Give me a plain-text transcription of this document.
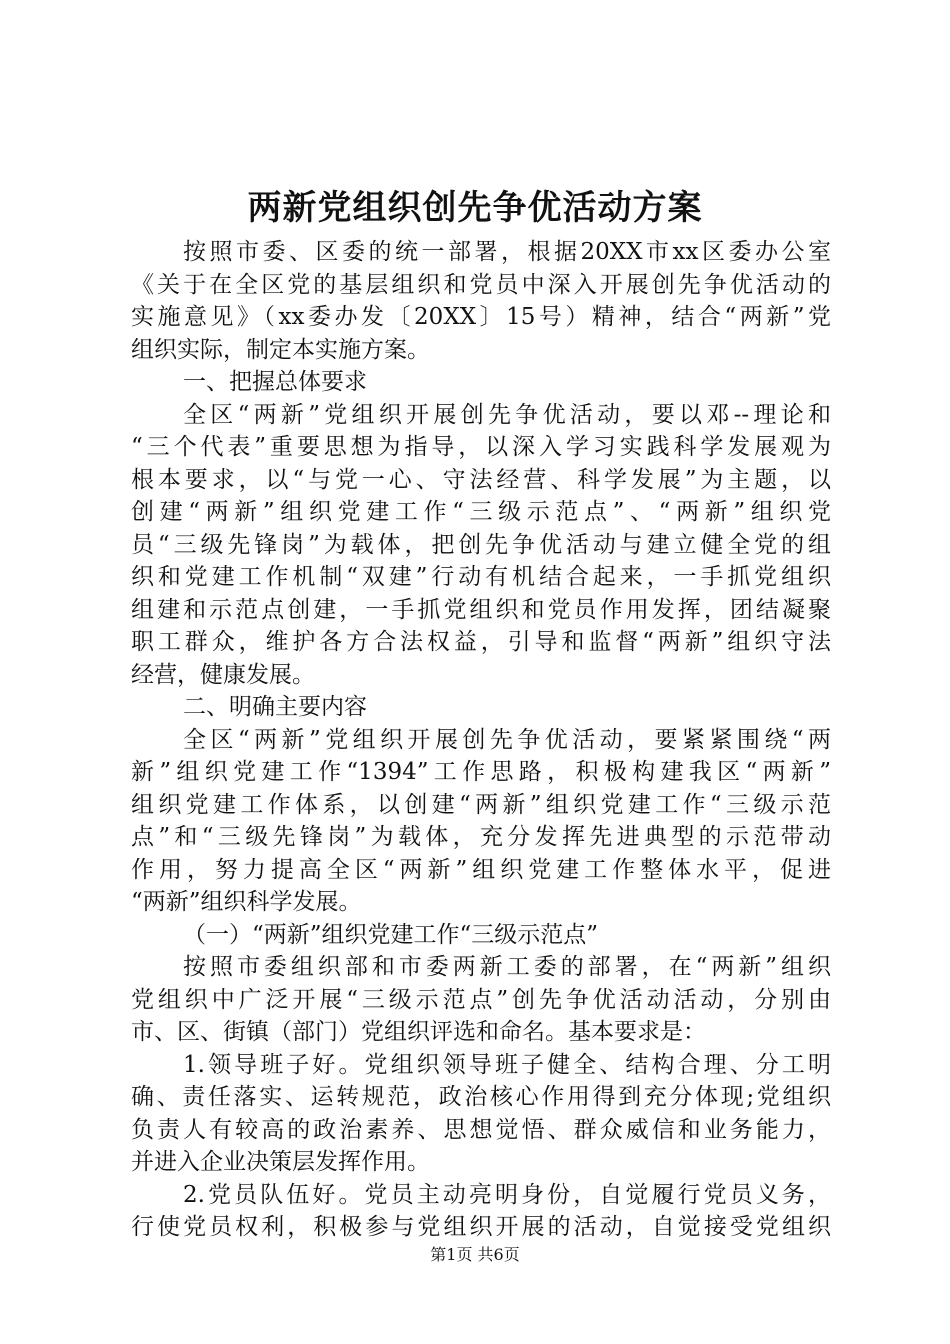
两新党组织创先争优活动方案
按照市委、区委的统一部署，根据20XX市xx区委办公室
《关于在全区党的基层组织和党员中深入开展创先争优活动的
实施意见》（xx委办发〔20XX〕15号）精神，结合“两新”党
组织实际，制定本实施方案。
一、把握总体要求
全区“两新”党组织开展创先争优活动，要以邓--理论和
“三个代表”重要思想为指导，以深入学习实践科学发展观为
根本要求，以“与党一心、守法经营、科学发展”为主题，以
创建“两新”组织党建工作“三级示范点”、“两新”组织党
员“三级先锋岗”为载体，把创先争优活动与建立健全党的组
织和党建工作机制“双建”行动有机结合起来，一手抓党组织
组建和示范点创建，一手抓党组织和党员作用发挥，团结凝聚
职工群众，维护各方合法权益，引导和监督“两新”组织守法
经营，健康发展。
二、明确主要内容
全区“两新”党组织开展创先争优活动，要紧紧围绕“两
新”组织党建工作“1394”工作思路，积极构建我区“两新”
组织党建工作体系，以创建“两新”组织党建工作“三级示范
点”和“三级先锋岗”为载体，充分发挥先进典型的示范带动
作用，努力提高全区“两新”组织党建工作整体水平，促进
“两新”组织科学发展。
（一）“两新”组织党建工作“三级示范点”
按照市委组织部和市委两新工委的部署，在“两新”组织
党组织中广泛开展“三级示范点”创先争优活动活动，分别由
市、区、街镇（部门）党组织评选和命名。基本要求是：
1.领导班子好。党组织领导班子健全、结构合理、分工明
确、责任落实、运转规范，政治核心作用得到充分体现;党组织
负责人有较高的政治素养、思想觉悟、群众威信和业务能力，
并进入企业决策层发挥作用。
2.党员队伍好。党员主动亮明身份，自觉履行党员义务，
行使党员权利，积极参与党组织开展的活动，自觉接受党组织
第1页 共6页
